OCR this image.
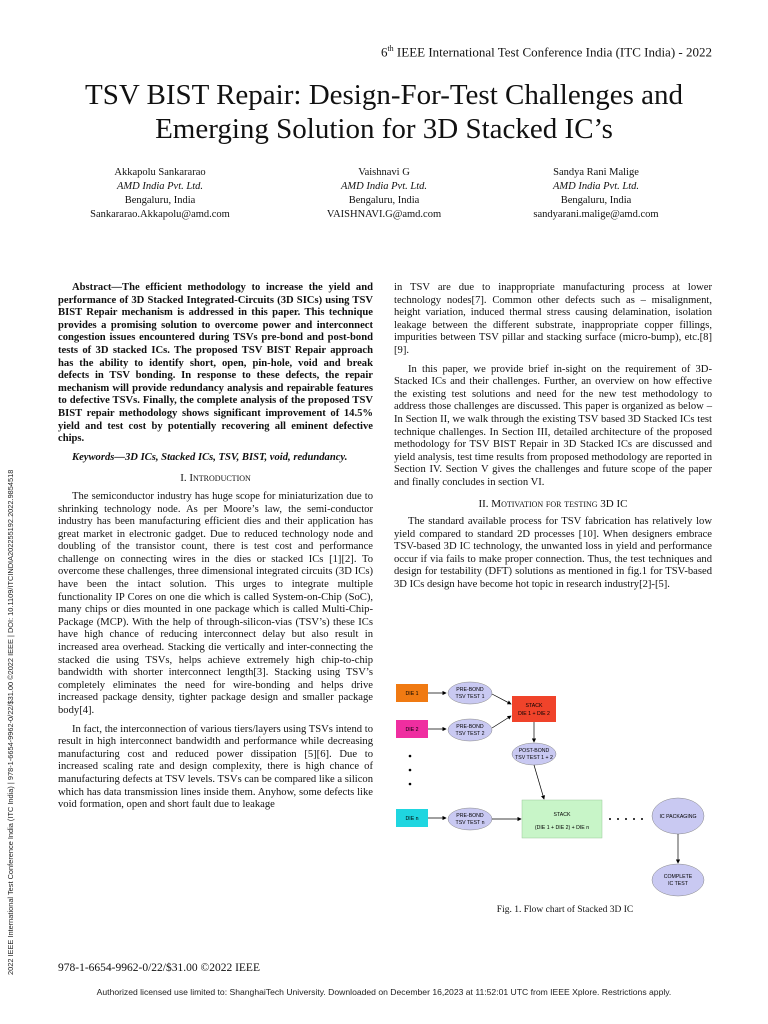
6th IEEE International Test Conference India (ITC India) - 2022
TSV BIST Repair: Design-For-Test Challenges and
Emerging Solution for 3D Stacked IC’s
Akkapolu Sankararao
AMD India Pvt. Ltd.
Bengaluru, India
Sankararao.Akkapolu@amd.com
Vaishnavi G
AMD India Pvt. Ltd.
Bengaluru, India
VAISHNAVI.G@amd.com
Sandya Rani Malige
AMD India Pvt. Ltd.
Bengaluru, India
sandyarani.malige@amd.com

Abstract—The efficient methodology to increase the yield and performance of 3D Stacked Integrated-Circuits (3D SICs) using TSV BIST Repair mechanism is addressed in this paper. This technique provides a promising solution to overcome power and interconnect congestion issues encountered during TSVs pre-bond and post-bond tests of 3D stacked ICs. The proposed TSV BIST Repair approach has the ability to identify short, open, pin-hole, void and break defects in TSV bonding. In response to these defects, the repair mechanism will provide redundancy analysis and repairable features to defective TSVs. Finally, the complete analysis of the proposed TSV BIST repair methodology shows significant improvement of 14.5% yield and test cost by potentially recovering all eminent defective chips.

Keywords—3D ICs, Stacked ICs, TSV, BIST, void, redundancy.

I. Introduction

The semiconductor industry has huge scope for miniaturization due to shrinking technology node. As per Moore’s law, the semi-conductor industry has been manufacturing efficient dies and their application has great market in electronic gadget. Due to reduced technology node and doubling of the transistor count, there is test cost and performance challenge on connecting wires in the dies or stacked ICs [1][2]. To overcome these challenges, three dimensional integrated circuits (3D ICs) have been the intact solution. This urges to integrate multiple functionality IP Cores on one die which is called System-on-Chip (SoC), many chips or dies mounted in one package which is called Multi-Chip-Package (MCP). With the help of through-silicon-vias (TSV’s) these ICs have high chance of reducing interconnect delay but also result in increased area overhead. Stacking die vertically and inter-connecting the stacked die using TSVs, helps achieve extremely high chip-to-chip bandwidth with shorter interconnect length[3]. Stacking using TSV’s completely eliminates the need for wire-bonding and helps drive increased package density, tighter package design and smaller package body[4].

In fact, the interconnection of various tiers/layers using TSVs intend to result in high interconnect bandwidth and performance while decreasing manufacturing cost and reduced power dissipation [5][6]. Due to increased scaling rate and design complexity, there is high chance of manufacturing defects at TSV levels. TSVs can be compared like a silicon which has data transmission lines inside them. Anyhow, some defects like void formation, open and short fault due to leakage

in TSV are due to inappropriate manufacturing process at lower technology nodes[7]. Common other defects such as – misalignment, height variation, induced thermal stress causing delamination, isolation leakage between the different substrate, inappropriate copper fillings, impurities between TSV pillar and stacking surface (micro-bump), etc.[8][9].

In this paper, we provide brief in-sight on the requirement of 3D-Stacked ICs and their challenges. Further, an overview on how effective the existing test solutions and need for the new test methodology to address those challenges are discussed. This paper is organized as below – In Section II, we walk through the existing TSV based 3D Stacked ICs test technique challenges. In Section III, detailed architecture of the proposed methodology for TSV BIST Repair in 3D Stacked ICs are discussed and yield analysis, test time results from proposed methodology are reported in Section IV. Section V gives the challenges and future scope of the paper and finally concludes in section VI.

II. Motivation for testing 3D IC

The standard available process for TSV fabrication has relatively low yield compared to standard 2D processes [10]. When designers embrace TSV-based 3D IC technology, the unwanted loss in yield and performance occur if via fails to make proper connection. Thus, the test techniques and design for testability (DFT) solutions as mentioned in fig.1 for TSV-based 3D ICs design have become hot topic in research industry[2]-[5].

DIE 1
DIE 2
DIE n
PRE-BOND
TSV TEST 1
PRE-BOND
TSV TEST 2
PRE-BOND
TSV TEST n
STACK
DIE 1 + DIE 2
POST-BOND
TSV TEST 1 + 2
STACK
(DIE 1 + DIE 2) + DIE n
IC PACKAGING
COMPLETE
IC TEST
Fig. 1. Flow chart of Stacked 3D IC
978-1-6654-9962-0/22/$31.00 ©2022 IEEE
Authorized licensed use limited to: ShanghaiTech University. Downloaded on December 16,2023 at 11:52:01 UTC from IEEE Xplore. Restrictions apply.
2022 IEEE International Test Conference India (ITC India) | 978-1-6654-9962-0/22/$31.00 ©2022 IEEE | DOI: 10.1109/ITCINDIA202255192.2022.9854518
